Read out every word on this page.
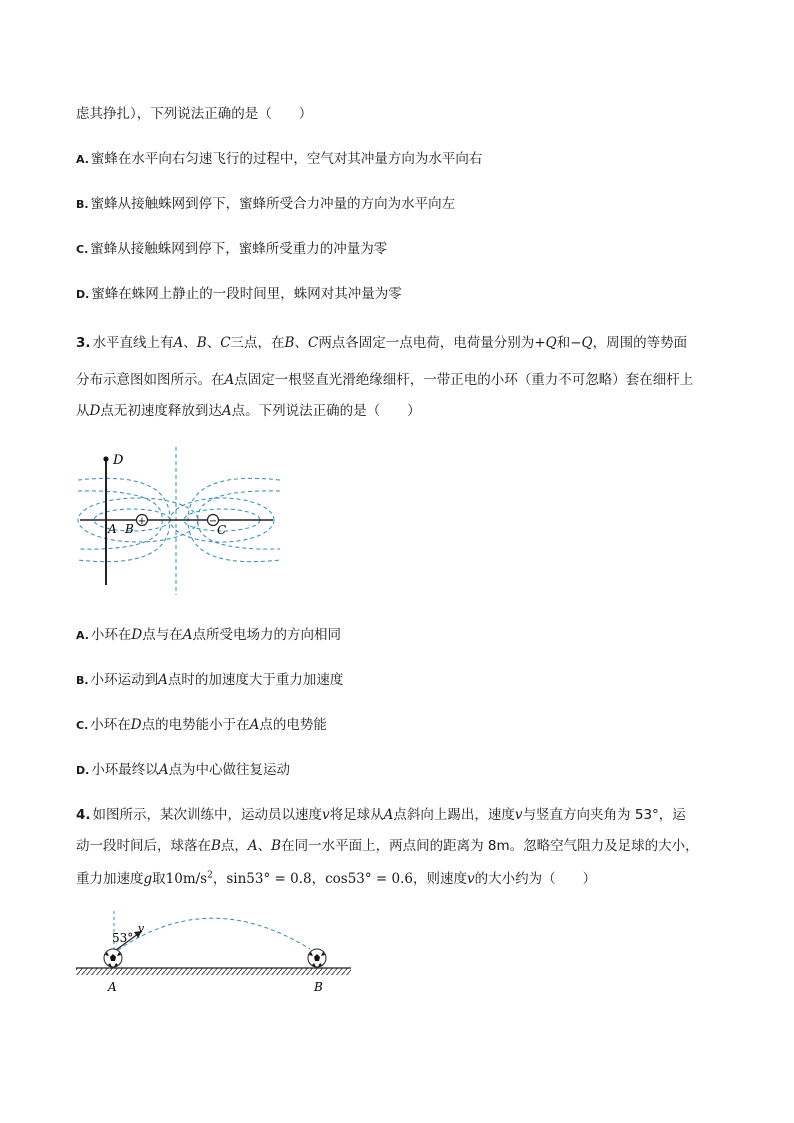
虑其挣扎），下列说法正确的是（　　）
A. 蜜蜂在水平向右匀速飞行的过程中，空气对其冲量方向为水平向右
B. 蜜蜂从接触蛛网到停下，蜜蜂所受合力冲量的方向为水平向左
C. 蜜蜂从接触蛛网到停下，蜜蜂所受重力的冲量为零
D. 蜜蜂在蛛网上静止的一段时间里，蛛网对其冲量为零
3. 水平直线上有A、B、C三点，在B、C两点各固定一点电荷，电荷量分别为+Q和−Q，周围的等势面
分布示意图如图所示。在A点固定一根竖直光滑绝缘细杆，一带正电的小环（重力不可忽略）套在细杆上
从D点无初速度释放到达A点。下列说法正确的是（　　）
D
A B
+	−
C
A. 小环在D点与在A点所受电场力的方向相同
B. 小环运动到A点时的加速度大于重力加速度
C. 小环在D点的电势能小于在A点的电势能
D. 小环最终以A点为中心做往复运动
4. 如图所示，某次训练中，运动员以速度v将足球从A点斜向上踢出，速度v与竖直方向夹角为 53°，运
动一段时间后，球落在B点，A、B在同一水平面上，两点间的距离为 8m。忽略空气阻力及足球的大小，
重力加速度g取$10m/s^2$，sin53° = 0.8，cos53° = 0.6，则速度v的大小约为（　　）
53°
v
A	B
